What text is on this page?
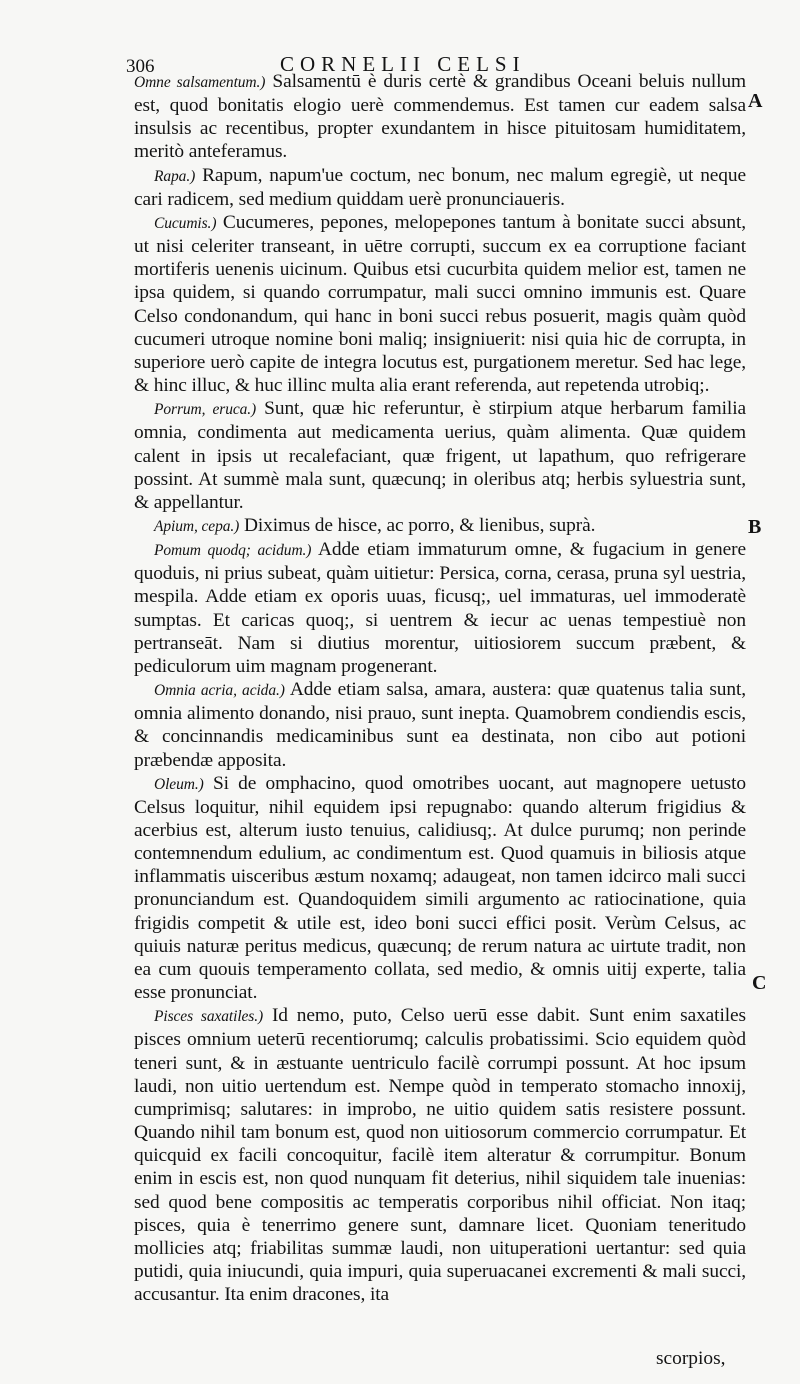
306	CORNELII CELSI
A
B
C

Omne salsamentum.) Salsamentū è duris certè & grandibus Oceani beluis nullum est, quod bonitatis elogio uerè commendemus. Est tamen cur eadem salsa insulsis ac recentibus, propter exundantem in hisce pituitosam humiditatem, meritò anteferamus.

Rapa.) Rapum, napum'ue coctum, nec bonum, nec malum egregiè, ut neque cari radicem, sed medium quiddam uerè pronunciaueris.

Cucumis.) Cucumeres, pepones, melopepones tantum à bonitate succi absunt, ut nisi celeriter transeant, in uētre corrupti, succum ex ea corruptione faciant mortiferis uenenis uicinum. Quibus etsi cucurbita quidem melior est, tamen ne ipsa quidem, si quando corrumpatur, mali succi omnino immunis est. Quare Celso condonandum, qui hanc in boni succi rebus posuerit, magis quàm quòd cucumeri utroque nomine boni maliq; insigniuerit: nisi quia hic de corrupta, in superiore uerò capite de integra locutus est, purgationem meretur. Sed hac lege, & hinc illuc, & huc illinc multa alia erant referenda, aut repetenda utrobiq;.

Porrum, eruca.) Sunt, quæ hic referuntur, è stirpium atque herbarum familia omnia, condimenta aut medicamenta uerius, quàm alimenta. Quæ quidem calent in ipsis ut recalefaciant, quæ frigent, ut lapathum, quo refrigerare possint. At summè mala sunt, quæcunq; in oleribus atq; herbis syluestria sunt, & appellantur.

Apium, cepa.) Diximus de hisce, ac porro, & lienibus, suprà.

Pomum quodq; acidum.) Adde etiam immaturum omne, & fugacium in genere quoduis, ni prius subeat, quàm uitietur: Persica, corna, cerasa, pruna syl uestria, mespila. Adde etiam ex oporis uuas, ficusq;, uel immaturas, uel immoderatè sumptas. Et caricas quoq;, si uentrem & iecur ac uenas tempestiuè non pertranseāt. Nam si diutius morentur, uitiosiorem succum præbent, & pediculorum uim magnam progenerant.

Omnia acria, acida.) Adde etiam salsa, amara, austera: quæ quatenus talia sunt, omnia alimento donando, nisi prauo, sunt inepta. Quamobrem condiendis escis, & concinnandis medicaminibus sunt ea destinata, non cibo aut potioni præbendæ apposita.

Oleum.) Si de omphacino, quod omotribes uocant, aut magnopere uetusto Celsus loquitur, nihil equidem ipsi repugnabo: quando alterum frigidius & acerbius est, alterum iusto tenuius, calidiusq;. At dulce purumq; non perinde contemnendum edulium, ac condimentum est. Quod quamuis in biliosis atque inflammatis uisceribus æstum noxamq; adaugeat, non tamen idcirco mali succi pronunciandum est. Quandoquidem simili argumento ac ratiocinatione, quia frigidis competit & utile est, ideo boni succi effici posit. Verùm Celsus, ac quiuis naturæ peritus medicus, quæcunq; de rerum natura ac uirtute tradit, non ea cum quouis temperamento collata, sed medio, & omnis uitij experte, talia esse pronunciat.

Pisces saxatiles.) Id nemo, puto, Celso uerū esse dabit. Sunt enim saxatiles pisces omnium ueterū recentiorumq; calculis probatissimi. Scio equidem quòd teneri sunt, & in æstuante uentriculo facilè corrumpi possunt. At hoc ipsum laudi, non uitio uertendum est. Nempe quòd in temperato stomacho innoxij, cumprimisq; salutares: in improbo, ne uitio quidem satis resistere possunt. Quando nihil tam bonum est, quod non uitiosorum commercio corrumpatur. Et quicquid ex facili concoquitur, facilè item alteratur & corrumpitur. Bonum enim in escis est, non quod nunquam fit deterius, nihil siquidem tale inuenias: sed quod bene compositis ac temperatis corporibus nihil officiat. Non itaq; pisces, quia è tenerrimo genere sunt, damnare licet. Quoniam teneritudo mollicies atq; friabilitas summæ laudi, non uituperationi uertantur: sed quia putidi, quia iniucundi, quia impuri, quia superuacanei excrementi & mali succi, accusantur. Ita enim dracones, ita

scorpios,
